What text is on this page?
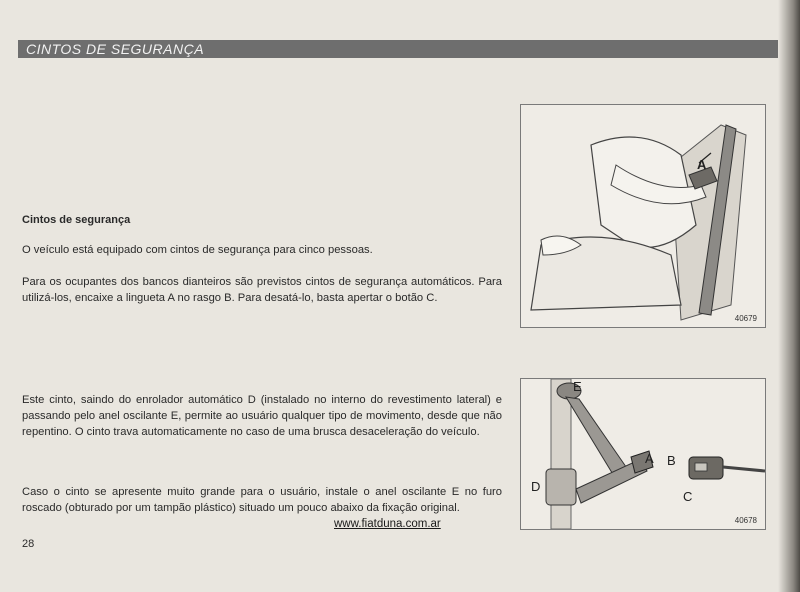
CINTOS DE SEGURANÇA
Cintos de segurança
O veículo está equipado com cintos de segurança para cinco pessoas.
Para os ocupantes dos bancos dianteiros são previstos cintos de segurança automáticos. Para utilizá-los, encaixe a lingueta A no rasgo B. Para desatá-lo, basta apertar o botão C.
Este cinto, saindo do enrolador automático D (instalado no interno do revestimento lateral) e passando pelo anel oscilante E, permite ao usuário qualquer tipo de movimento, desde que não repentino. O cinto trava automaticamente no caso de uma brusca desaceleração do veículo.
Caso o cinto se apresente muito grande para o usuário, instale o anel oscilante E no furo roscado (obturado por um tampão plástico) situado um pouco abaixo da fixação original.
A
40679
E
D
A B
C
40678
www.fiatduna.com.ar
28
